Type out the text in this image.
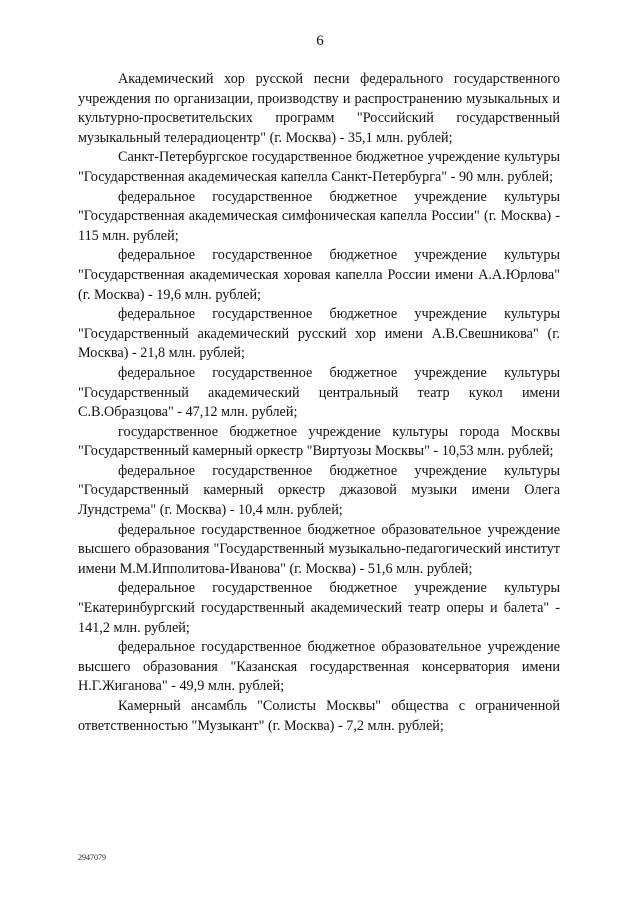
6

Академический хор русской песни федерального государственного учреждения по организации, производству и распространению музыкальных и культурно-просветительских программ "Российский государственный музыкальный телерадиоцентр" (г. Москва) - 35,1 млн. рублей;

Санкт-Петербургское государственное бюджетное учреждение культуры "Государственная академическая капелла Санкт-Петербурга" - 90 млн. рублей;

федеральное государственное бюджетное учреждение культуры "Государственная академическая симфоническая капелла России" (г. Москва) - 115 млн. рублей;

федеральное государственное бюджетное учреждение культуры "Государственная академическая хоровая капелла России имени А.А.Юрлова" (г. Москва) - 19,6 млн. рублей;

федеральное государственное бюджетное учреждение культуры "Государственный академический русский хор имени А.В.Свешникова" (г. Москва) - 21,8 млн. рублей;

федеральное государственное бюджетное учреждение культуры "Государственный академический центральный театр кукол имени С.В.Образцова" - 47,12 млн. рублей;

государственное бюджетное учреждение культуры города Москвы "Государственный камерный оркестр "Виртуозы Москвы" - 10,53 млн. рублей;

федеральное государственное бюджетное учреждение культуры "Государственный камерный оркестр джазовой музыки имени Олега Лундстрема" (г. Москва) - 10,4 млн. рублей;

федеральное государственное бюджетное образовательное учреждение высшего образования "Государственный музыкально-педагогический институт имени М.М.Ипполитова-Иванова" (г. Москва) - 51,6 млн. рублей;

федеральное государственное бюджетное учреждение культуры "Екатеринбургский государственный академический театр оперы и балета" - 141,2 млн. рублей;

федеральное государственное бюджетное образовательное учреждение высшего образования "Казанская государственная консерватория имени Н.Г.Жиганова" - 49,9 млн. рублей;

Камерный ансамбль "Солисты Москвы" общества с ограниченной ответственностью "Музыкант" (г. Москва) - 7,2 млн. рублей;

2947079
